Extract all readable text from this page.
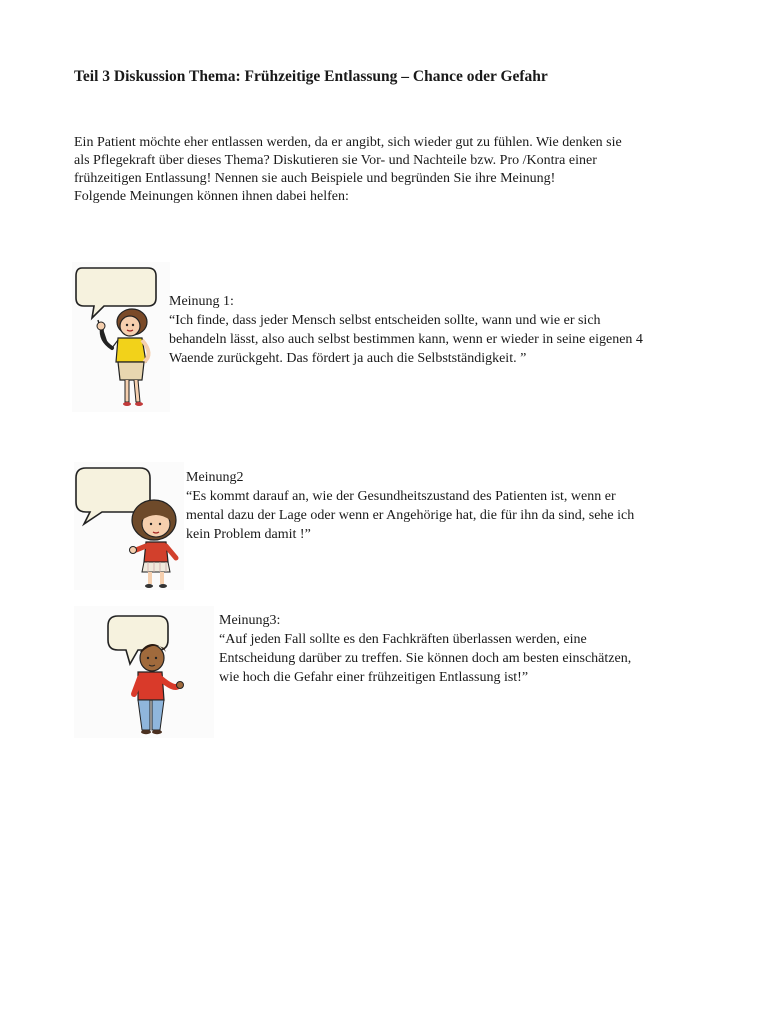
Teil 3 Diskussion Thema: Frühzeitige Entlassung – Chance oder Gefahr
Ein Patient möchte eher entlassen werden, da er angibt, sich wieder gut zu fühlen. Wie denken sie
als Pflegekraft über dieses Thema? Diskutieren sie Vor- und Nachteile bzw. Pro /Kontra einer
frühzeitigen Entlassung! Nennen sie auch Beispiele und begründen Sie ihre Meinung!
Folgende Meinungen können ihnen dabei helfen:
Meinung 1:
“Ich finde, dass jeder Mensch selbst entscheiden sollte, wann und wie er sich
behandeln lässt, also auch selbst bestimmen kann, wenn er wieder in seine eigenen 4
Waende zurückgeht. Das fördert ja auch die Selbstständigkeit. ”
Meinung2
“Es kommt darauf an, wie der Gesundheitszustand des Patienten ist, wenn er
mental dazu der Lage oder wenn er Angehörige hat, die für ihn da sind, sehe ich
kein Problem damit !”
Meinung3:
“Auf jeden Fall sollte es den Fachkräften überlassen werden, eine
Entscheidung darüber zu treffen. Sie können doch am besten einschätzen,
wie hoch die Gefahr einer frühzeitigen Entlassung ist!”
